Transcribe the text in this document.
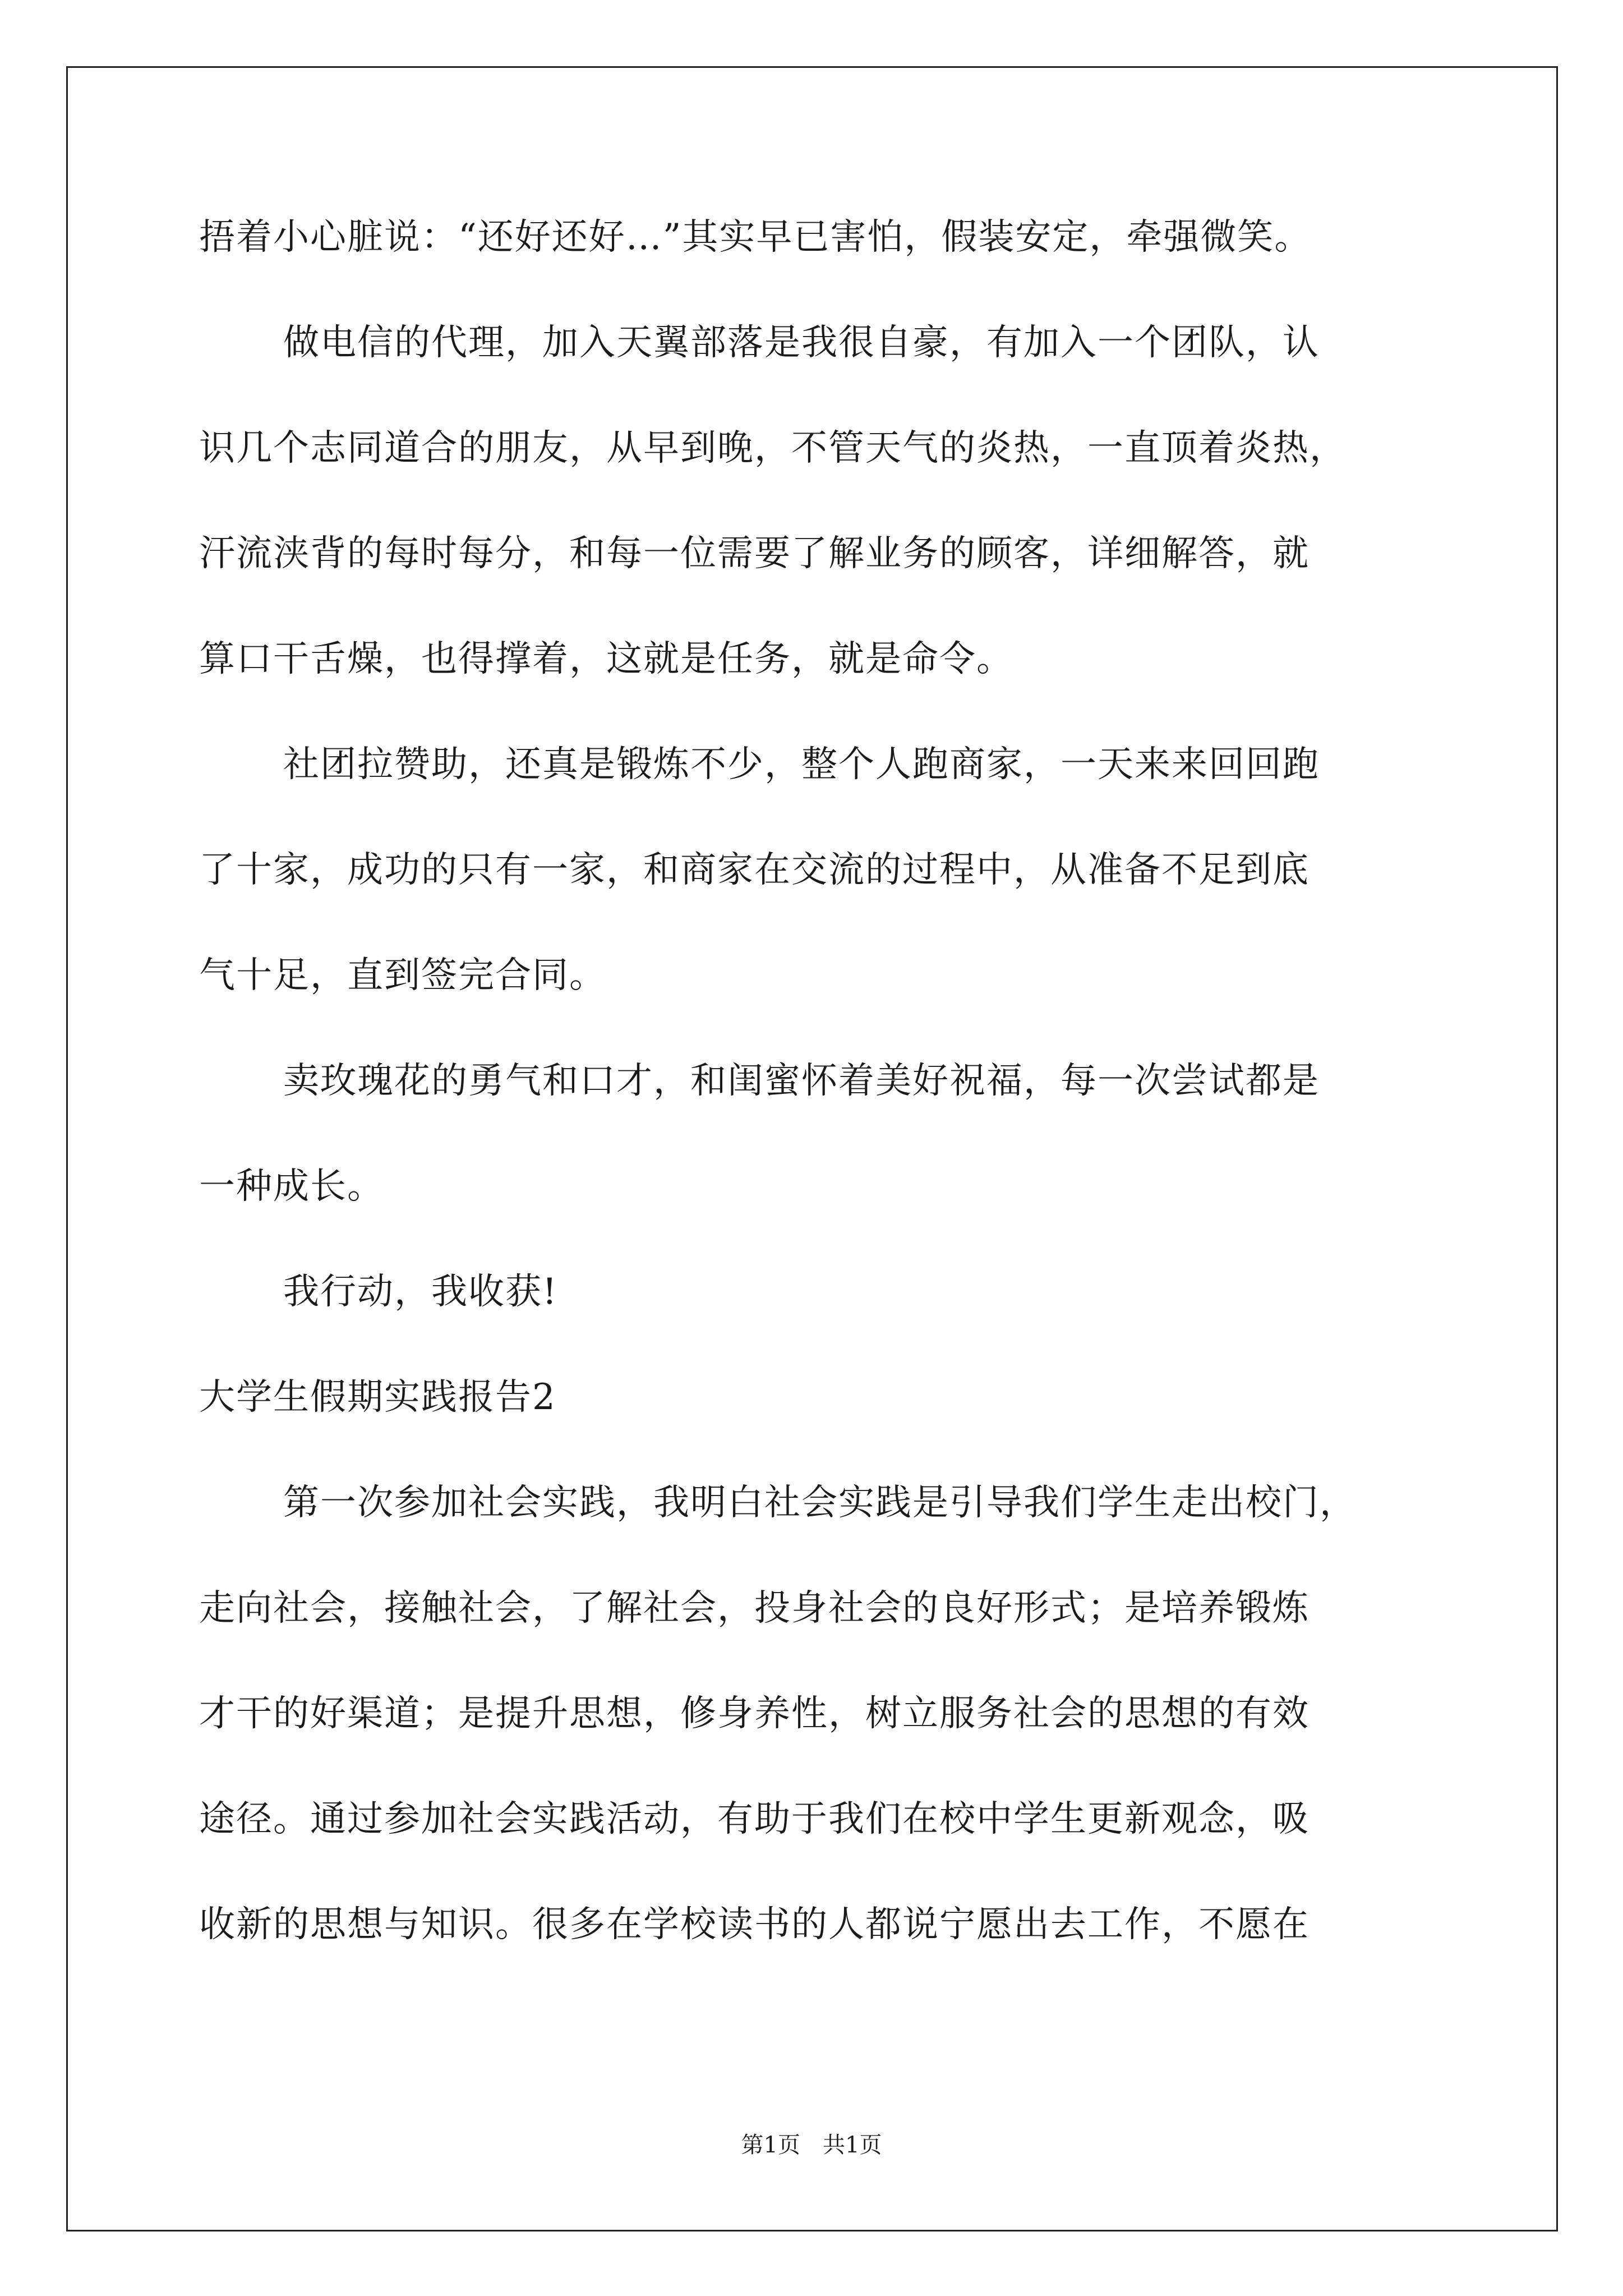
捂着小心脏说：“还好还好…”其实早已害怕，假装安定，牵强微笑。
做电信的代理，加入天翼部落是我很自豪，有加入一个团队，认
识几个志同道合的朋友，从早到晚，不管天气的炎热，一直顶着炎热，
汗流浃背的每时每分，和每一位需要了解业务的顾客，详细解答，就
算口干舌燥，也得撑着，这就是任务，就是命令。
社团拉赞助，还真是锻炼不少，整个人跑商家，一天来来回回跑
了十家，成功的只有一家，和商家在交流的过程中，从准备不足到底
气十足，直到签完合同。
卖玫瑰花的勇气和口才，和闺蜜怀着美好祝福，每一次尝试都是
一种成长。
我行动，我收获!
大学生假期实践报告2
第一次参加社会实践，我明白社会实践是引导我们学生走出校门，
走向社会，接触社会，了解社会，投身社会的良好形式；是培养锻炼
才干的好渠道；是提升思想，修身养性，树立服务社会的思想的有效
途径。通过参加社会实践活动，有助于我们在校中学生更新观念，吸
收新的思想与知识。很多在学校读书的人都说宁愿出去工作，不愿在
第1页 共1页
